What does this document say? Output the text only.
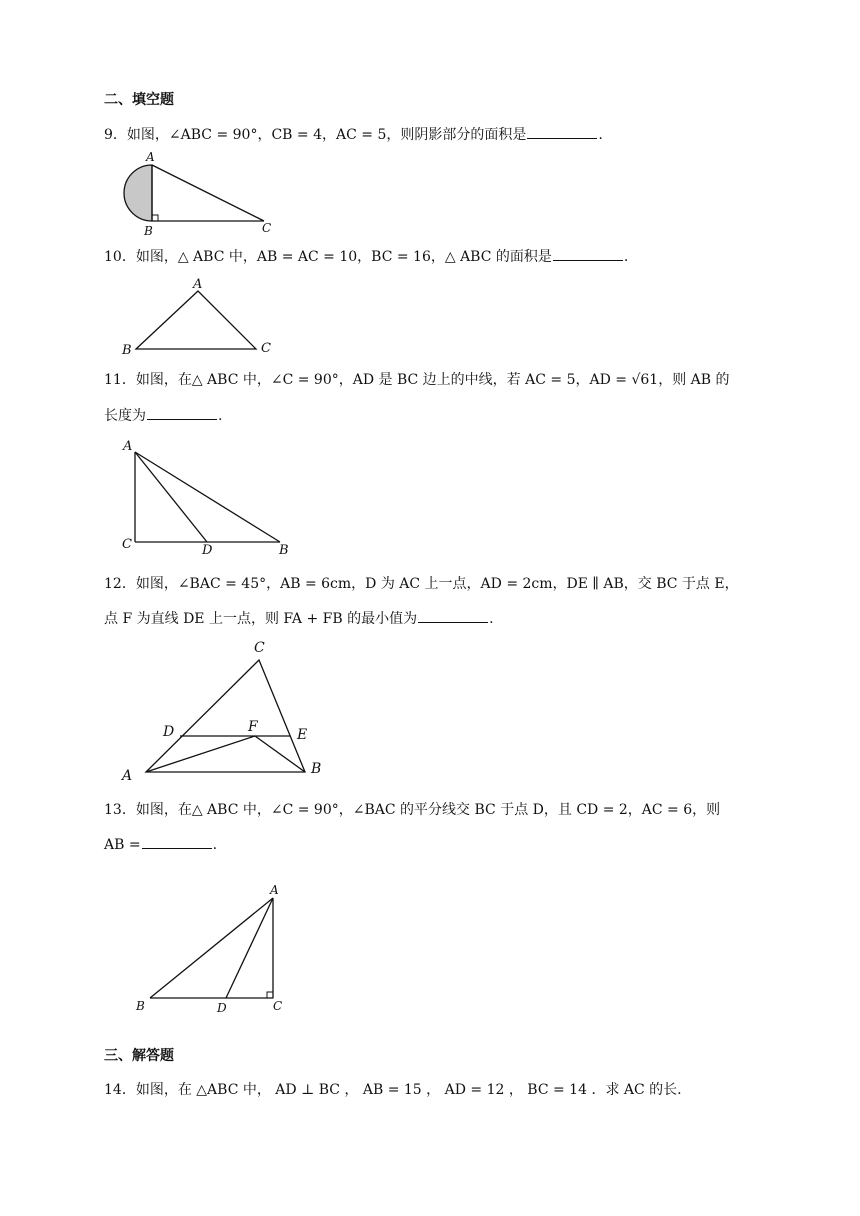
二、填空题
9．如图，∠ABC = 90°，CB = 4，AC = 5，则阴影部分的面积是	.
A
B	C
10．如图，△ ABC 中，AB = AC = 10，BC = 16，△ ABC 的面积是	.
A
B	C
11．如图，在△ ABC 中，∠C = 90°，AD 是 BC 边上的中线，若 AC = 5，AD = √61，则 AB 的
长度为	.
A
C	D	B
12．如图，∠BAC = 45°，AB = 6cm，D 为 AC 上一点，AD = 2cm，DE ∥ AB，交 BC 于点 E，
点 F 为直线 DE 上一点，则 FA + FB 的最小值为	.
C
D	F	E
A	B
13．如图，在△ ABC 中，∠C = 90°，∠BAC 的平分线交 BC 于点 D，且 CD = 2，AC = 6，则
AB =	.
A
B	D	C
三、解答题
14．如图，在 △ABC 中， AD ⊥ BC ， AB = 15 ， AD = 12 ， BC = 14 ．求 AC 的长.
